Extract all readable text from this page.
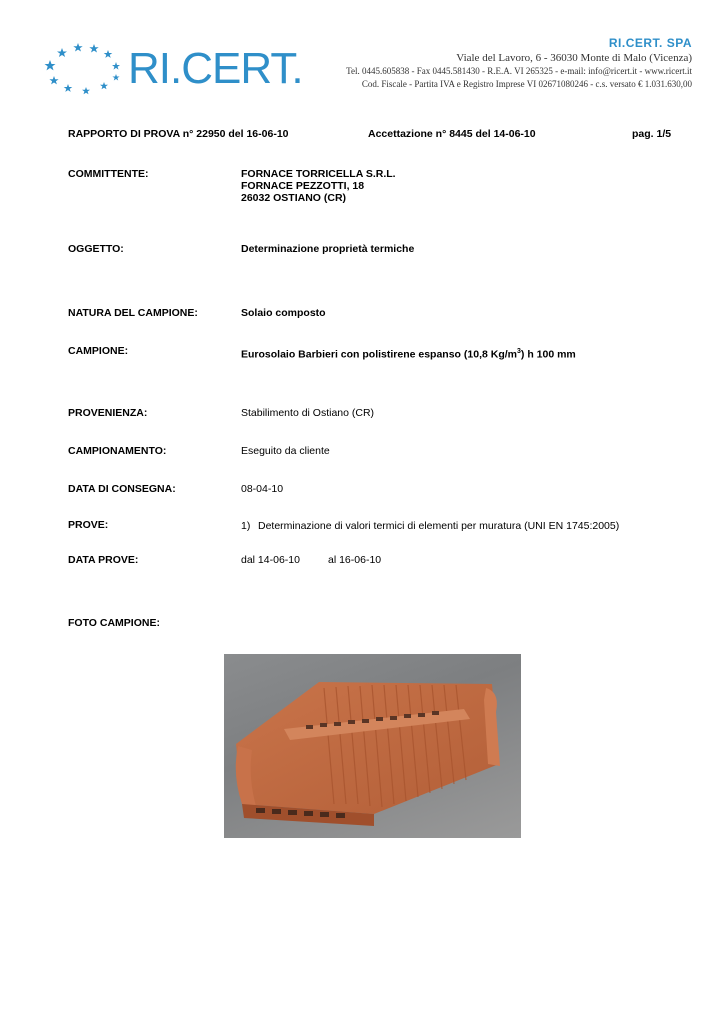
RI.CERT.
RI.CERT. SPA
Viale del Lavoro, 6 - 36030 Monte di Malo (Vicenza)
Tel. 0445.605838 - Fax 0445.581430 - R.E.A. VI 265325 - e-mail: info@ricert.it - www.ricert.it
Cod. Fiscale - Partita IVA e Registro Imprese VI 02671080246 - c.s. versato € 1.031.630,00
RAPPORTO DI PROVA n° 22950 del 16-06-10	Accettazione n° 8445 del 14-06-10	pag. 1/5
COMMITTENTE:	FORNACE TORRICELLA S.R.L.
FORNACE PEZZOTTI, 18
26032 OSTIANO (CR)
OGGETTO:	Determinazione proprietà termiche
NATURA DEL CAMPIONE:	Solaio composto
CAMPIONE:	Eurosolaio Barbieri con polistirene espanso (10,8 $Kg/m^3$) h 100 mm
PROVENIENZA:	Stabilimento di Ostiano (CR)
CAMPIONAMENTO:	Eseguito da cliente
DATA DI CONSEGNA:	08-04-10
PROVE:	1) Determinazione di valori termici di elementi per muratura (UNI EN 1745:2005)
DATA PROVE:	dal 14-06-10	al 16-06-10
FOTO CAMPIONE:
